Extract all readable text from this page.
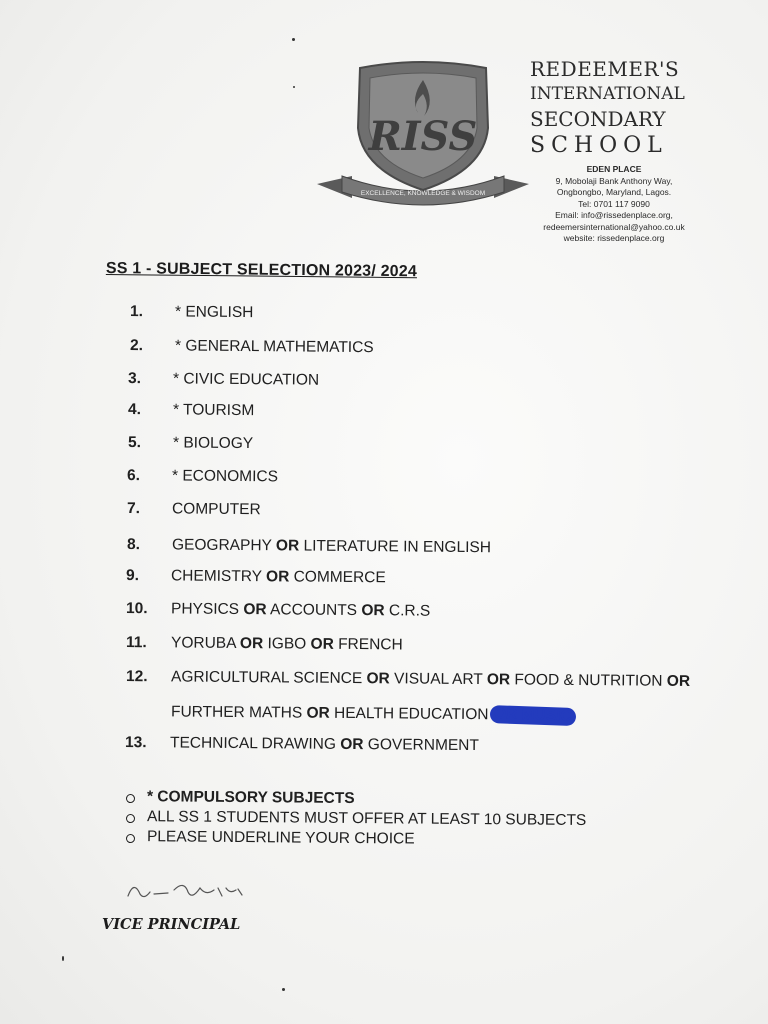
RISS
EXCELLENCE, KNOWLEDGE & WISDOM
REDEEMER'S
INTERNATIONAL
SECONDARY
SCHOOL
EDEN PLACE
9, Mobolaji Bank Anthony Way,
Ongbongbo, Maryland, Lagos.
Tel: 0701 117 9090
Email: info@rissedenplace.org,
redeemersinternational@yahoo.co.uk
website: rissedenplace.org
SS 1 - SUBJECT SELECTION 2023/ 2024
1. * ENGLISH
2. * GENERAL MATHEMATICS
3. * CIVIC EDUCATION
4. * TOURISM
5. * BIOLOGY
6. * ECONOMICS
7. COMPUTER
8. GEOGRAPHY OR LITERATURE IN ENGLISH
9. CHEMISTRY OR COMMERCE
10. PHYSICS OR ACCOUNTS OR C.R.S
11. YORUBA OR IGBO OR FRENCH
12. AGRICULTURAL SCIENCE OR VISUAL ART OR FOOD & NUTRITION OR
FURTHER MATHS OR HEALTH EDUCATION OR MUSIC
13. TECHNICAL DRAWING OR GOVERNMENT
* COMPULSORY SUBJECTS
ALL SS 1 STUDENTS MUST OFFER AT LEAST 10 SUBJECTS
PLEASE UNDERLINE YOUR CHOICE
VICE PRINCIPAL
